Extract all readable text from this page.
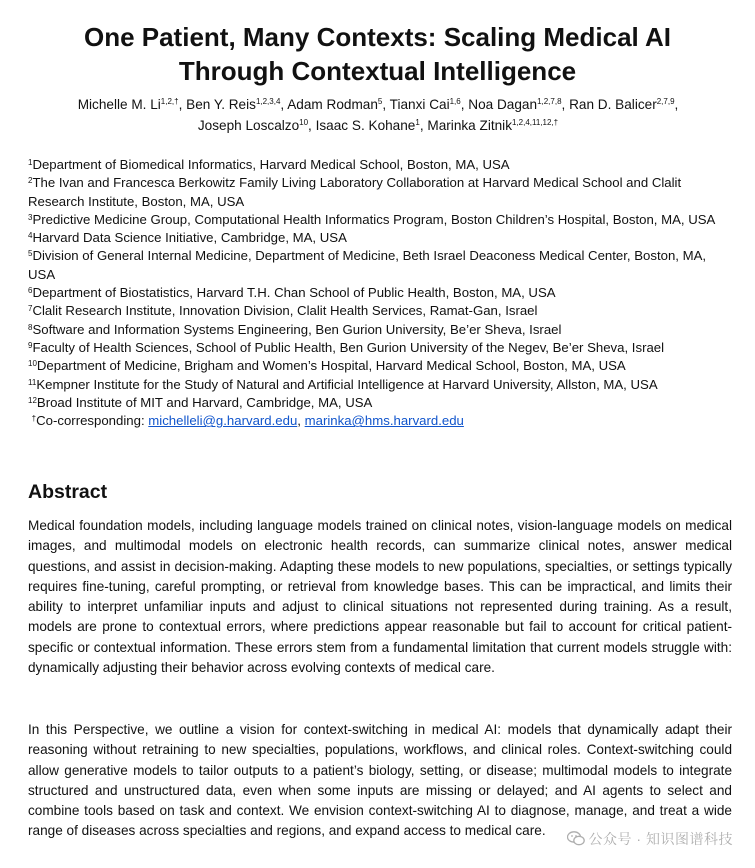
One Patient, Many Contexts: Scaling Medical AI
Through Contextual Intelligence

Michelle M. $Li^{1,2,\dagger}$, Ben Y. Reis$^{1,2,3,4}$, Adam Rodman$^5$, Tianxi Cai$^{1,6}$, Noa Dagan$^{1,2,7,8}$, Ran D. Balicer$^{2,7,9}$,
Joseph Loscalzo$^{10}$, Isaac S. Kohane$^1$, Marinka Zitnik$^{1,2,4,11,12,\dagger}$

$^1$Department of Biomedical Informatics, Harvard Medical School, Boston, MA, USA
$^2$The Ivan and Francesca Berkowitz Family Living Laboratory Collaboration at Harvard Medical School and Clalit Research Institute, Boston, MA, USA
$^3$Predictive Medicine Group, Computational Health Informatics Program, Boston Children’s Hospital, Boston, MA, USA
$^4$Harvard Data Science Initiative, Cambridge, MA, USA
$^5$Division of General Internal Medicine, Department of Medicine, Beth Israel Deaconess Medical Center, Boston, MA, USA
$^6$Department of Biostatistics, Harvard T.H. Chan School of Public Health, Boston, MA, USA
$^7$Clalit Research Institute, Innovation Division, Clalit Health Services, Ramat-Gan, Israel
$^8$Software and Information Systems Engineering, Ben Gurion University, Be’er Sheva, Israel
$^9$Faculty of Health Sciences, School of Public Health, Ben Gurion University of the Negev, Be’er Sheva, Israel
$^{10}$Department of Medicine, Brigham and Women’s Hospital, Harvard Medical School, Boston, MA, USA
$^{11}$Kempner Institute for the Study of Natural and Artificial Intelligence at Harvard University, Allston, MA, USA
$^{12}$Broad Institute of MIT and Harvard, Cambridge, MA, USA
†Co-corresponding: michelleli@g.harvard.edu, marinka@hms.harvard.edu
Abstract

Medical foundation models, including language models trained on clinical notes, vision-language models on medical images, and multimodal models on electronic health records, can summarize clinical notes, answer medical questions, and assist in decision-making. Adapting these models to new populations, specialties, or settings typically requires fine-tuning, careful prompting, or retrieval from knowledge bases. This can be impractical, and limits their ability to interpret unfamiliar inputs and adjust to clinical situations not represented during training. As a result, models are prone to contextual errors, where predictions appear reasonable but fail to account for critical patient-specific or contextual information. These errors stem from a fundamental limitation that current models struggle with: dynamically adjusting their behavior across evolving contexts of medical care.

In this Perspective, we outline a vision for context-switching in medical AI: models that dynamically adapt their reasoning without retraining to new specialties, populations, workflows, and clinical roles. Context-switching could allow generative models to tailor outputs to a patient’s biology, setting, or disease; multimodal models to integrate structured and unstructured data, even when some inputs are missing or delayed; and AI agents to select and combine tools based on task and context. We envision context-switching AI to diagnose, manage, and treat a wide range of diseases across specialties and regions, and expand access to medical care.

公众号 · 知识图谱科技
